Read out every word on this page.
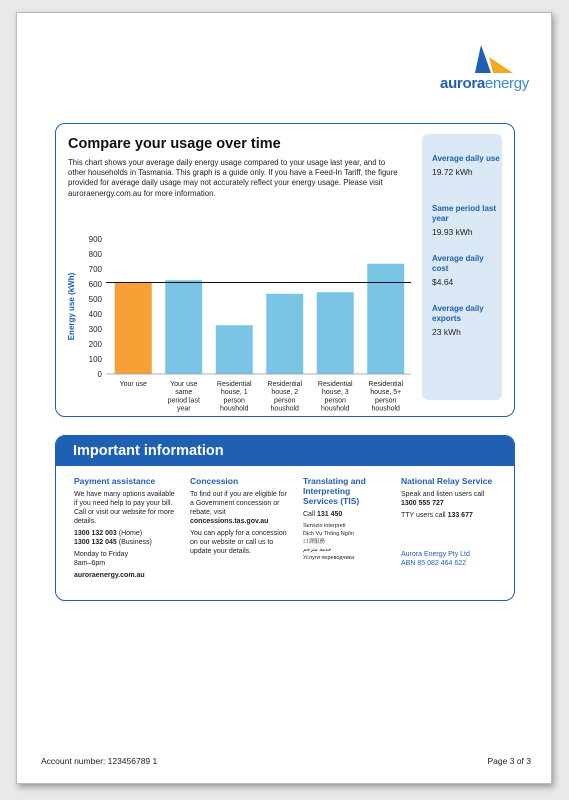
auroraenergy
Compare your usage over time
This chart shows your average daily energy usage compared to your usage last year, and to other households in Tasmania. This graph is a guide only. If you have a Feed-In Tariff, the figure provided for average daily usage may not accurately reflect your energy usage. Please visit auroraenergy.com.au for more information.
0
100
200
300
400
500
600
700
800
900
Energy use (kWh)
Your use	Your use
same
period last
year
Residential
house, 1
person
houshold
Residential
house, 2
person
houshold
Residential
house, 3
person
houshold
Residential
house, 5+
person
houshold
Average daily use
19.72 kWh
Same period last year
19.93 kWh
Average daily cost
$4.64
Average daily exports
23 kWh
Important information
Payment assistance

We have many options available if you need help to pay your bill. Call or visit our website for more details.

1300 132 003 (Home)

1300 132 045 (Business)

Monday to Friday

8am–6pm

auroraenergy.com.au

Concession

To find out if you are eligible for a Government concession or rebate, visit

concessions.tas.gov.au

You can apply for a concession on our website or call us to update your details.

Translating and Interpreting Services (TIS)

Call 131 450

Servizio interpreti

Dịch Vụ Thông Ngôn

口譯服務

خدمة مترجم

Услуги переводчика

National Relay Service

Speak and listen users call 1300 555 727

TTY users call 133 677

Aurora Energy Pty Ltd

ABN 85 082 464 622

Account number: 123456789 1	Page 3 of 3
